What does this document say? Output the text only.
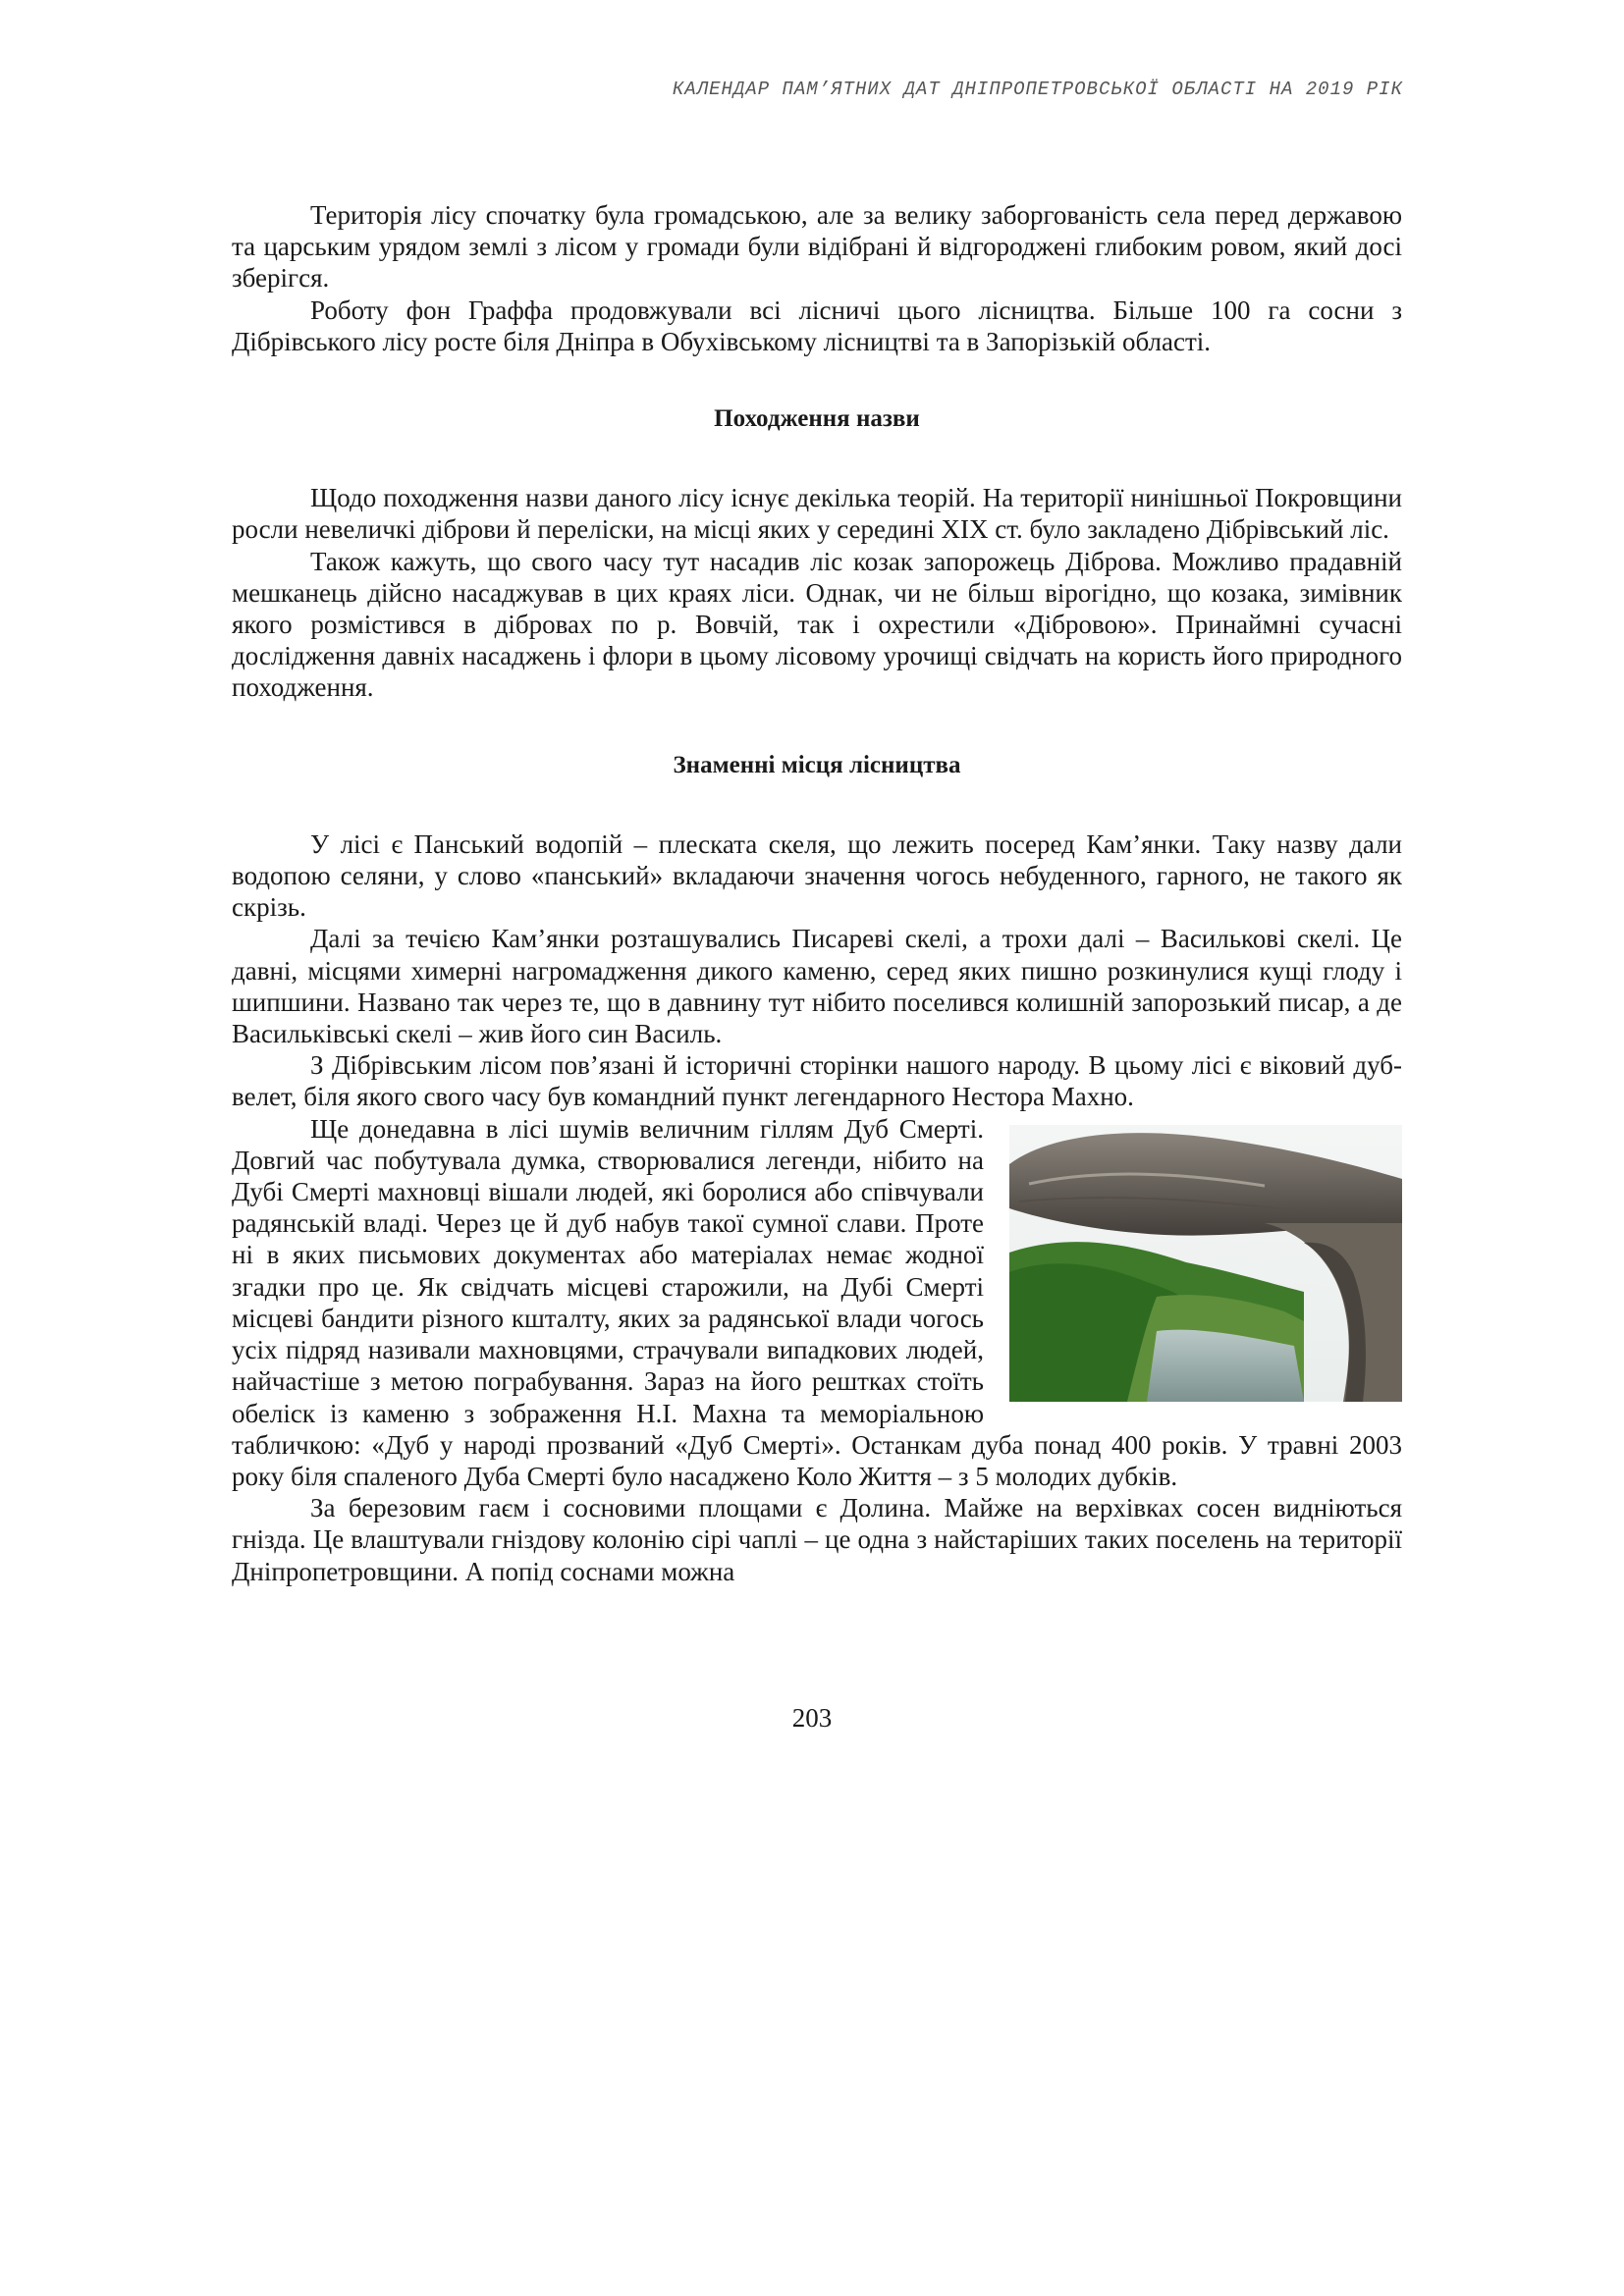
КАЛЕНДАР ПАМ’ЯТНИХ ДАТ ДНІПРОПЕТРОВСЬКОЇ ОБЛАСТІ НА 2019 РІК

Територія лісу спочатку була громадською, але за велику заборгованість села перед державою та царським урядом землі з лісом у громади були відібрані й відгороджені глибоким ровом, який досі зберігся.

Роботу фон Граффа продовжували всі лісничі цього лісництва. Більше 100 га сосни з Дібрівського лісу росте біля Дніпра в Обухівському лісництві та в Запорізькій області.

Походження назви

Щодо походження назви даного лісу існує декілька теорій. На території нинішньої Покровщини росли невеличкі діброви й переліски, на місці яких у середині XIX ст. було закладено Дібрівський ліс.

Також кажуть, що свого часу тут насадив ліс козак запорожець Діброва. Можливо прадавній мешканець дійсно насаджував в цих краях ліси. Однак, чи не більш вірогідно, що козака, зимівник якого розмістився в дібровах по р. Вовчій, так і охрестили «Дібровою». Принаймні сучасні дослідження давніх насаджень і флори в цьому лісовому урочищі свідчать на користь його природного походження.

Знаменні місця лісництва

У лісі є Панський водопій – плеската скеля, що лежить посеред Кам’янки. Таку назву дали водопою селяни, у слово «панський» вкладаючи значення чогось небуденного, гарного, не такого як скрізь.

Далі за течією Кам’янки розташувались Писареві скелі, а трохи далі – Василькові скелі. Це давні, місцями химерні нагромадження дикого каменю, серед яких пишно розкинулися кущі глоду і шипшини. Названо так через те, що в давнину тут нібито поселився колишній запорозький писар, а де Васильківські скелі – жив його син Василь.

З Дібрівським лісом пов’язані й історичні сторінки нашого народу. В цьому лісі є віковий дуб-велет, біля якого свого часу був командний пункт легендарного Нестора Махно.

Ще донедавна в лісі шумів величним гіллям Дуб Смерті. Довгий час побутувала думка, створювалися легенди, нібито на Дубі Смерті махновці вішали людей, які боролися або співчували радянській владі. Через це й дуб набув такої сумної слави. Проте ні в яких письмових документах або матеріалах немає жодної згадки про це. Як свідчать місцеві старожили, на Дубі Смерті місцеві бандити різного кшталту, яких за радянської влади чогось усіх підряд називали махновцями, страчували випадкових людей, найчастіше з метою пограбування. Зараз на його рештках стоїть обеліск із каменю з зображення Н.І. Махна та меморіальною табличкою: «Дуб у народі прозваний «Дуб Смерті». Останкам дуба понад 400 років. У травні 2003 року біля спаленого Дуба Смерті було насаджено Коло Життя – з 5 молодих дубків.

За березовим гаєм і сосновими площами є Долина. Майже на верхівках сосен видніються гнізда. Це влаштували гніздову колонію сірі чаплі – це одна з найстаріших таких поселень на території Дніпропетровщини. А попід соснами можна

203
